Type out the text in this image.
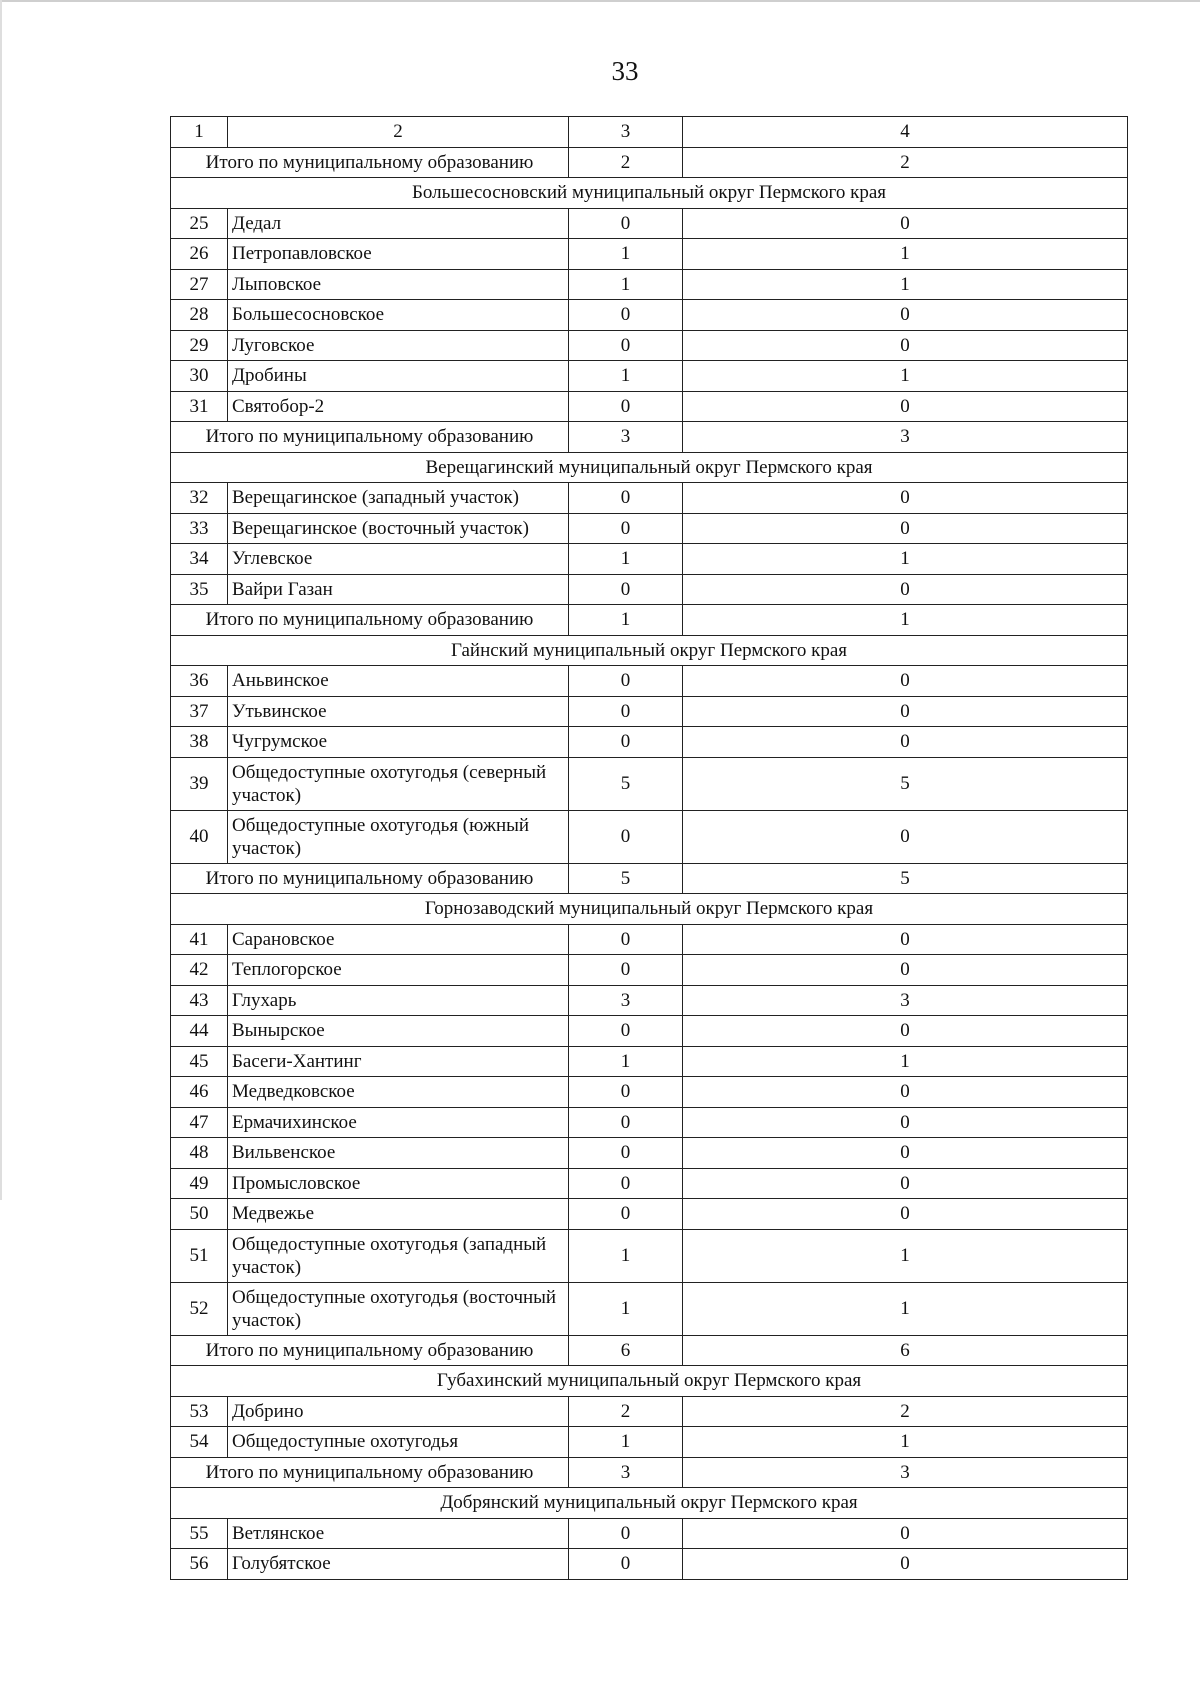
33
1	2	3	4
Итого по муниципальному образованию		2	2
Большесосновский муниципальный округ Пермского края			
25	Дедал	0	0
26	Петропавловское	1	1
27	Лыповское	1	1
28	Большесосновское	0	0
29	Луговское	0	0
30	Дробины	1	1
31	Святобор-2	0	0
Итого по муниципальному образованию		3	3
Верещагинский муниципальный округ Пермского края			
32	Верещагинское (западный участок)	0	0
33	Верещагинское (восточный участок)	0	0
34	Углевское	1	1
35	Вайри Газан	0	0
Итого по муниципальному образованию		1	1
Гайнский муниципальный округ Пермского края			
36	Аньвинское	0	0
37	Утьвинское	0	0
38	Чугрумское	0	0
39	Общедоступные охотугодья (северный участок)	5	5
40	Общедоступные охотугодья (южный участок)	0	0
Итого по муниципальному образованию		5	5
Горнозаводский муниципальный округ Пермского края			
41	Сарановское	0	0
42	Теплогорское	0	0
43	Глухарь	3	3
44	Вынырское	0	0
45	Басеги-Хантинг	1	1
46	Медведковское	0	0
47	Ермачихинское	0	0
48	Вильвенское	0	0
49	Промысловское	0	0
50	Медвежье	0	0
51	Общедоступные охотугодья (западный участок)	1	1
52	Общедоступные охотугодья (восточный участок)	1	1
Итого по муниципальному образованию		6	6
Губахинский муниципальный округ Пермского края			
53	Добрино	2	2
54	Общедоступные охотугодья	1	1
Итого по муниципальному образованию		3	3
Добрянский муниципальный округ Пермского края			
55	Ветлянское	0	0
56	Голубятское	0	0
